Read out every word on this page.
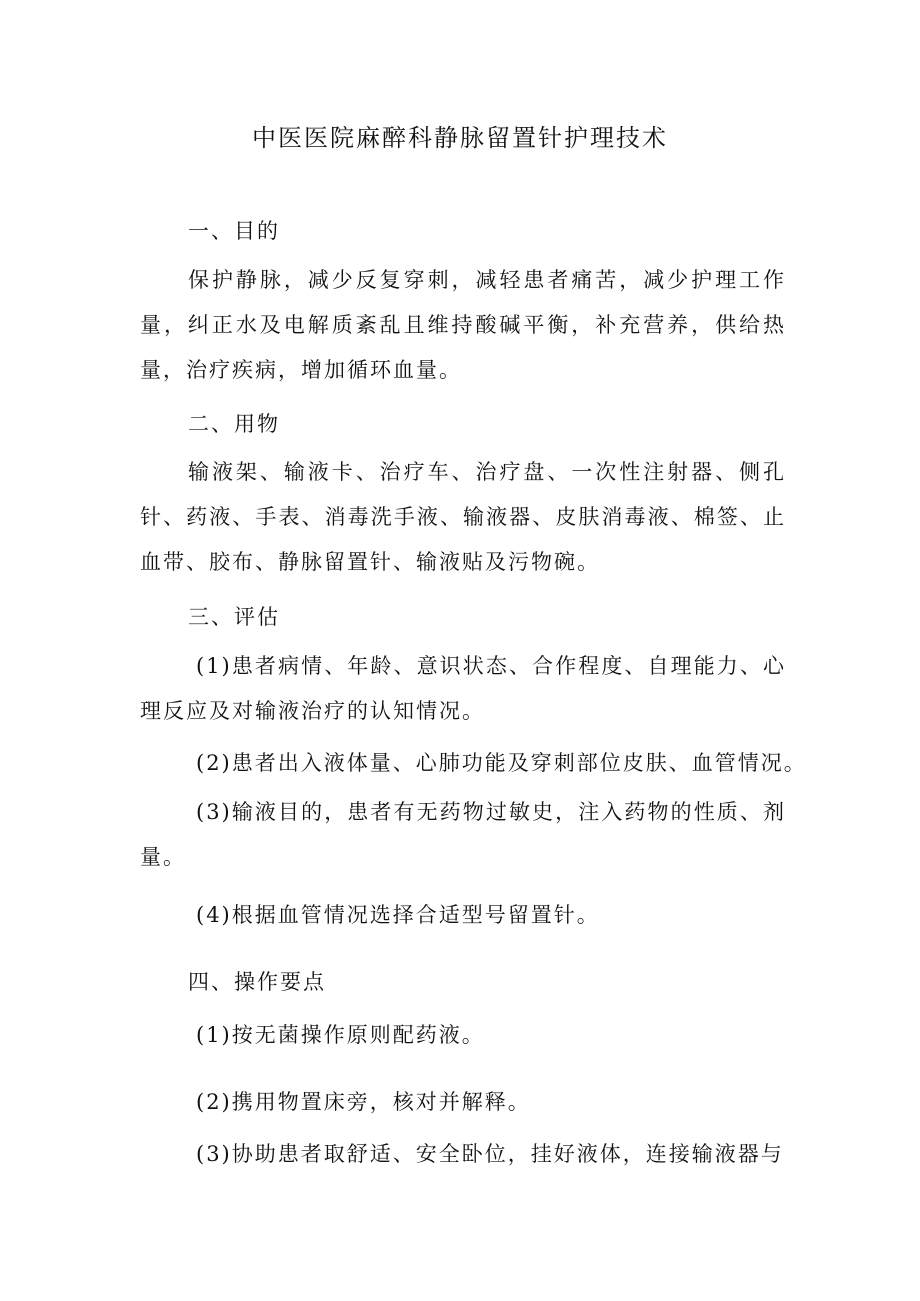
中医医院麻醉科静脉留置针护理技术
一、目的
保护静脉，减少反复穿刺，减轻患者痛苦，减少护理工作量，纠正水及电解质紊乱且维持酸碱平衡，补充营养，供给热量，治疗疾病，增加循环血量。
二、用物
输液架、输液卡、治疗车、治疗盘、一次性注射器、侧孔针、药液、手表、消毒洗手液、输液器、皮肤消毒液、棉签、止血带、胶布、静脉留置针、输液贴及污物碗。
三、评估
(1)患者病情、年龄、意识状态、合作程度、自理能力、心理反应及对输液治疗的认知情况。
(2)患者出入液体量、心肺功能及穿刺部位皮肤、血管情况。
(3)输液目的，患者有无药物过敏史，注入药物的性质、剂量。
(4)根据血管情况选择合适型号留置针。
四、操作要点
(1)按无菌操作原则配药液。
(2)携用物置床旁，核对并解释。
(3)协助患者取舒适、安全卧位，挂好液体，连接输液器与
